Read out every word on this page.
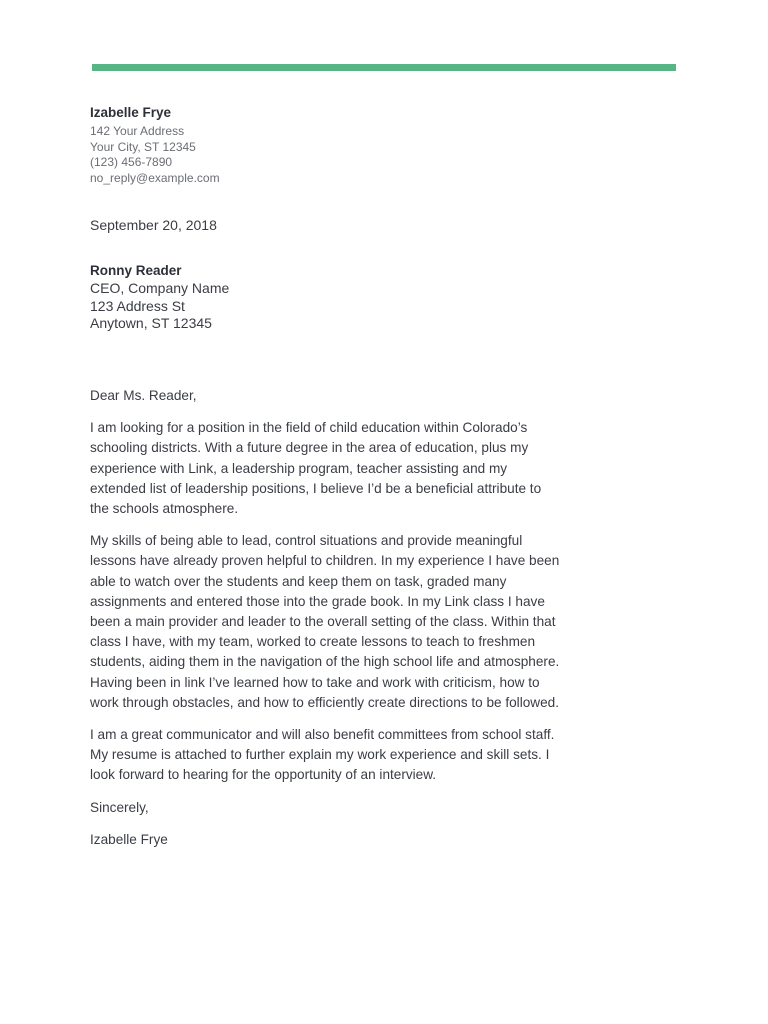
Izabelle Frye
142 Your Address
Your City, ST 12345
(123) 456-7890
no_reply@example.com
September 20, 2018
Ronny Reader
CEO, Company Name
123 Address St
Anytown, ST 12345

Dear Ms. Reader,

I am looking for a position in the field of child education within Colorado’s schooling districts. With a future degree in the area of education, plus my experience with Link, a leadership program, teacher assisting and my extended list of leadership positions, I believe I’d be a beneficial attribute to the schools atmosphere.

My skills of being able to lead, control situations and provide meaningful lessons have already proven helpful to children. In my experience I have been able to watch over the students and keep them on task, graded many assignments and entered those into the grade book. In my Link class I have been a main provider and leader to the overall setting of the class. Within that class I have, with my team, worked to create lessons to teach to freshmen students, aiding them in the navigation of the high school life and atmosphere. Having been in link I’ve learned how to take and work with criticism, how to work through obstacles, and how to efficiently create directions to be followed.

I am a great communicator and will also benefit committees from school staff. My resume is attached to further explain my work experience and skill sets. I look forward to hearing for the opportunity of an interview.

Sincerely,

Izabelle Frye
